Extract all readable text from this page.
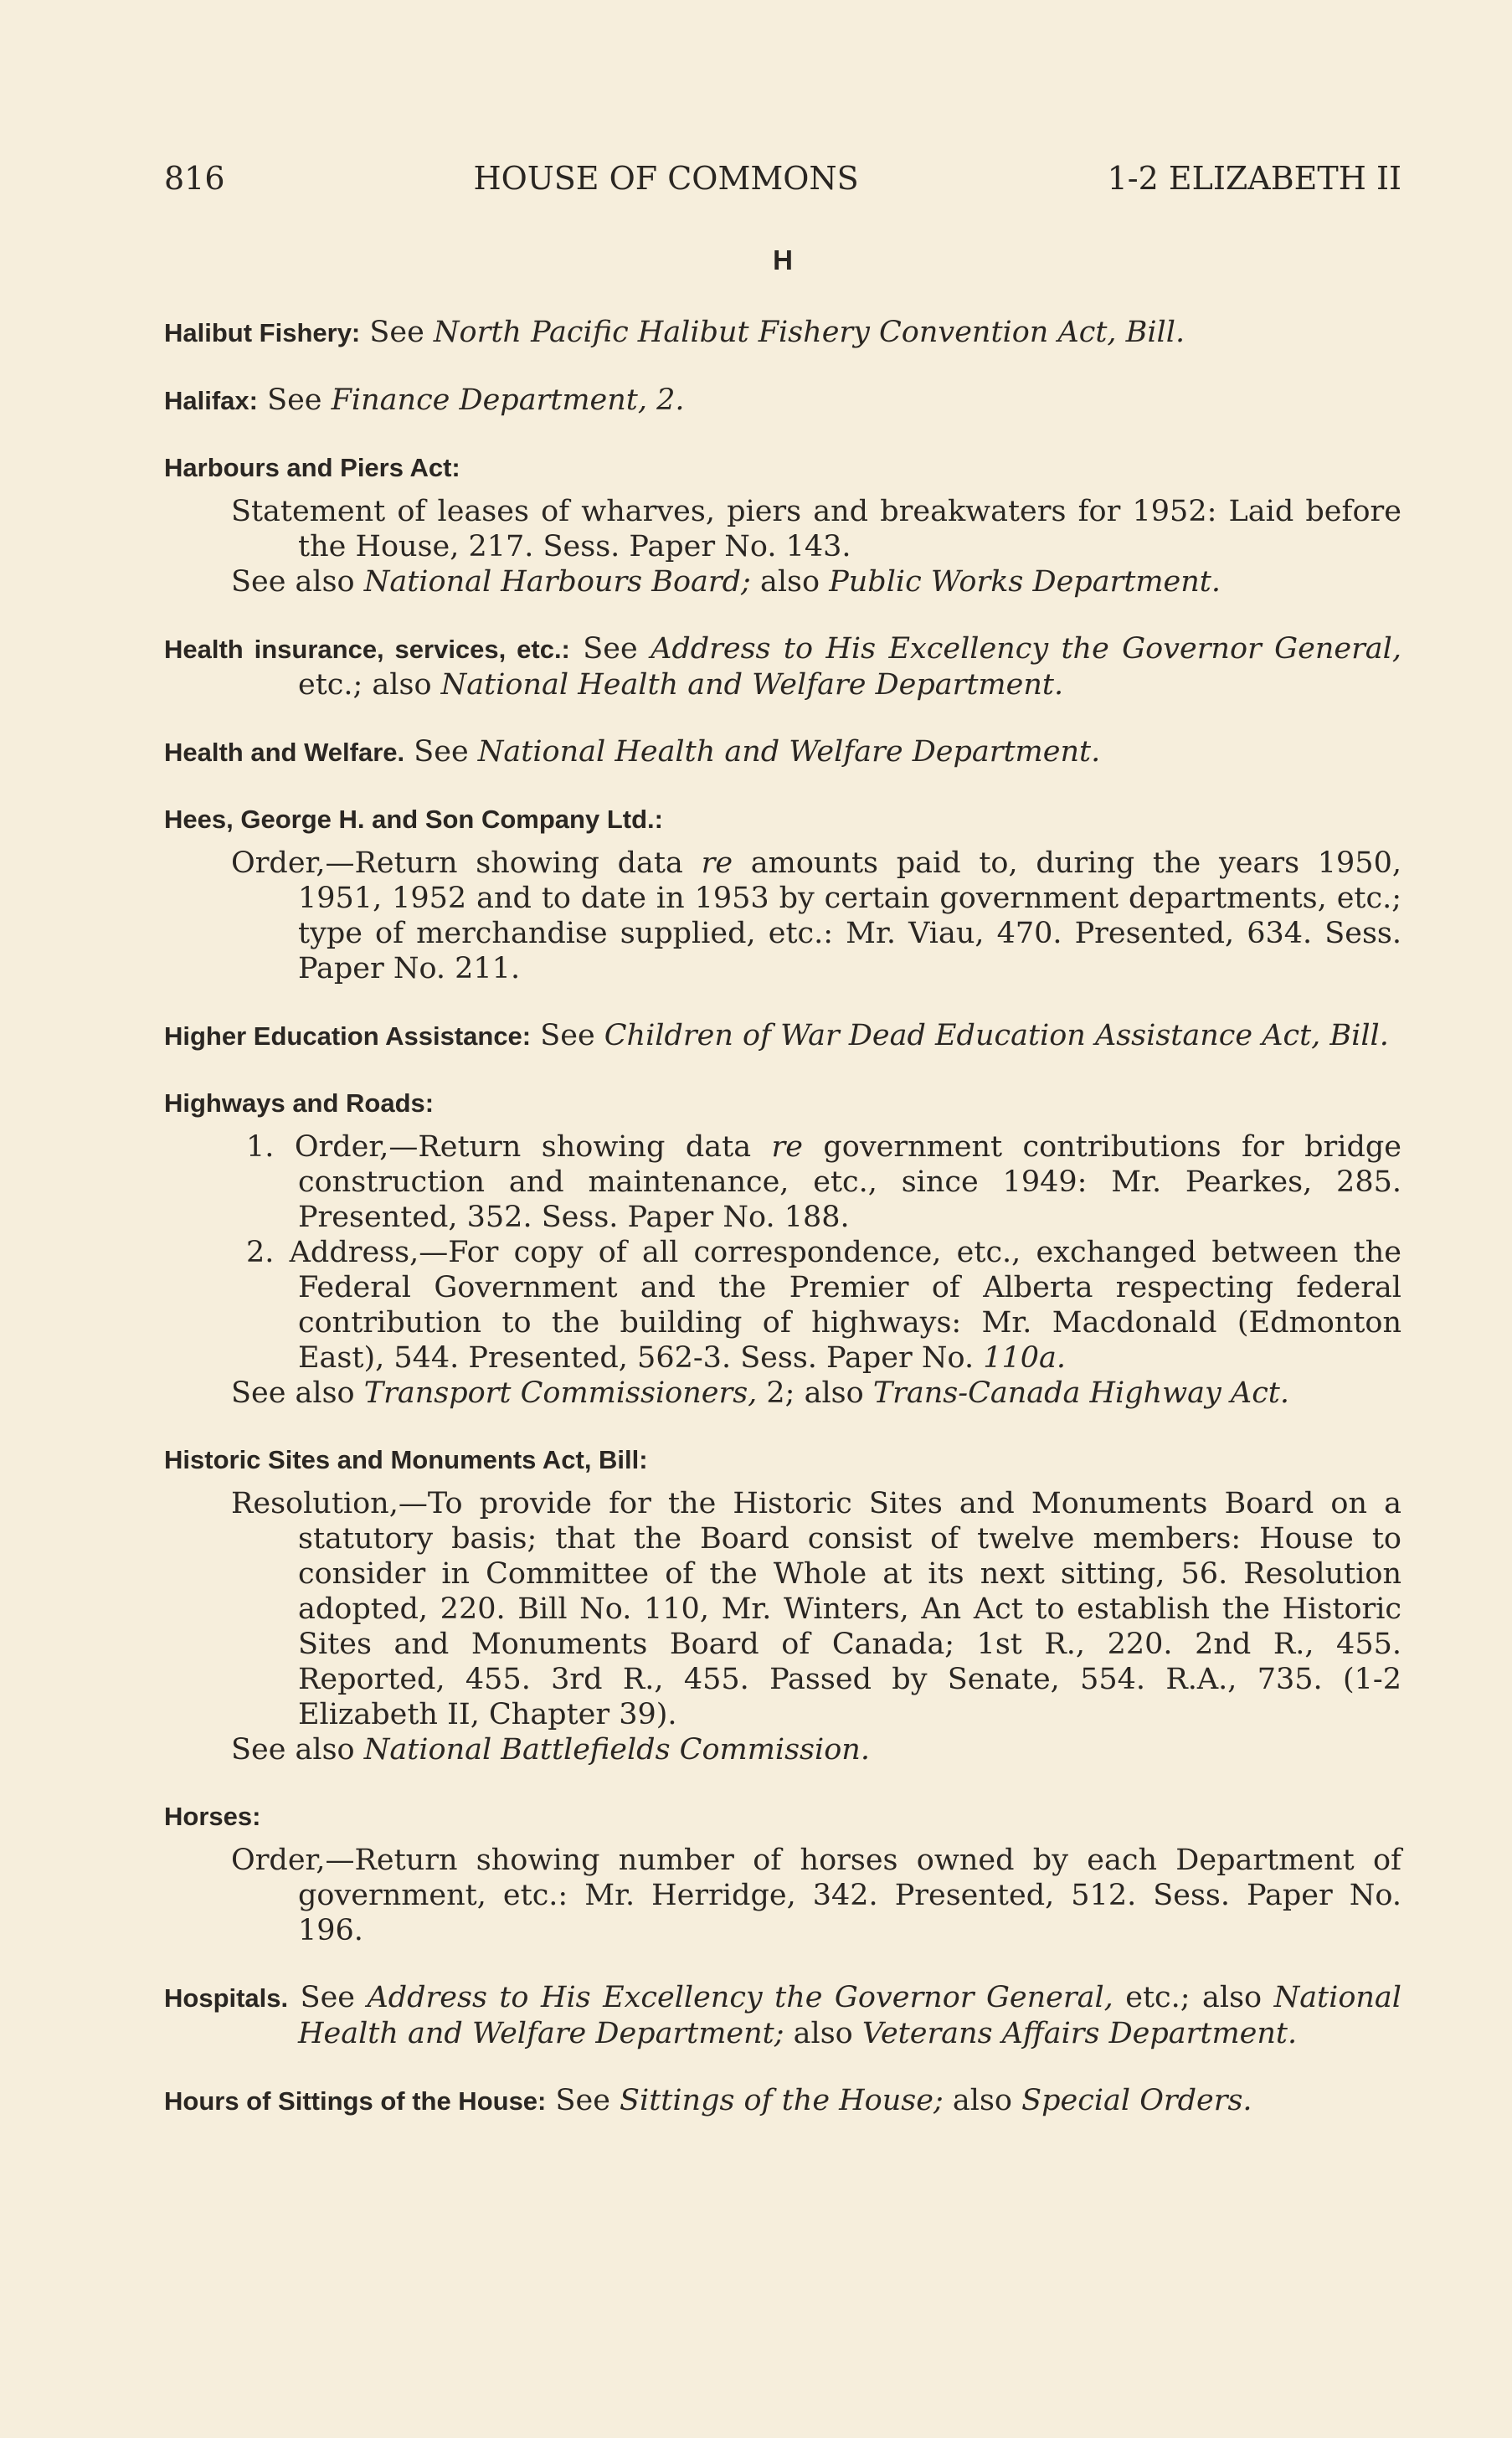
816	HOUSE OF COMMONS	1-2 ELIZABETH II
H

Halibut Fishery: See North Pacific Halibut Fishery Convention Act, Bill.

Halifax: See Finance Department, 2.

Harbours and Piers Act:

Statement of leases of wharves, piers and breakwaters for 1952: Laid before the House, 217. Sess. Paper No. 143.

See also National Harbours Board; also Public Works Department.

Health insurance, services, etc.: See Address to His Excellency the Governor General, etc.; also National Health and Welfare Department.

Health and Welfare. See National Health and Welfare Department.

Hees, George H. and Son Company Ltd.:

Order,—Return showing data re amounts paid to, during the years 1950, 1951, 1952 and to date in 1953 by certain government departments, etc.; type of merchandise supplied, etc.: Mr. Viau, 470. Presented, 634. Sess. Paper No. 211.

Higher Education Assistance: See Children of War Dead Education Assistance Act, Bill.

Highways and Roads:

1. Order,—Return showing data re government contributions for bridge construction and maintenance, etc., since 1949: Mr. Pearkes, 285. Presented, 352. Sess. Paper No. 188.

2. Address,—For copy of all correspondence, etc., exchanged between the Federal Government and the Premier of Alberta respecting federal contribution to the building of highways: Mr. Macdonald (Edmonton East), 544. Presented, 562-3. Sess. Paper No. 110a.

See also Transport Commissioners, 2; also Trans-Canada Highway Act.

Historic Sites and Monuments Act, Bill:

Resolution,—To provide for the Historic Sites and Monuments Board on a statutory basis; that the Board consist of twelve members: House to consider in Committee of the Whole at its next sitting, 56. Resolution adopted, 220. Bill No. 110, Mr. Winters, An Act to establish the Historic Sites and Monuments Board of Canada; 1st R., 220. 2nd R., 455. Reported, 455. 3rd R., 455. Passed by Senate, 554. R.A., 735. (1-2 Elizabeth II, Chapter 39).

See also National Battlefields Commission.

Horses:

Order,—Return showing number of horses owned by each Department of government, etc.: Mr. Herridge, 342. Presented, 512. Sess. Paper No. 196.

Hospitals. See Address to His Excellency the Governor General, etc.; also National Health and Welfare Department; also Veterans Affairs Department.

Hours of Sittings of the House: See Sittings of the House; also Special Orders.
